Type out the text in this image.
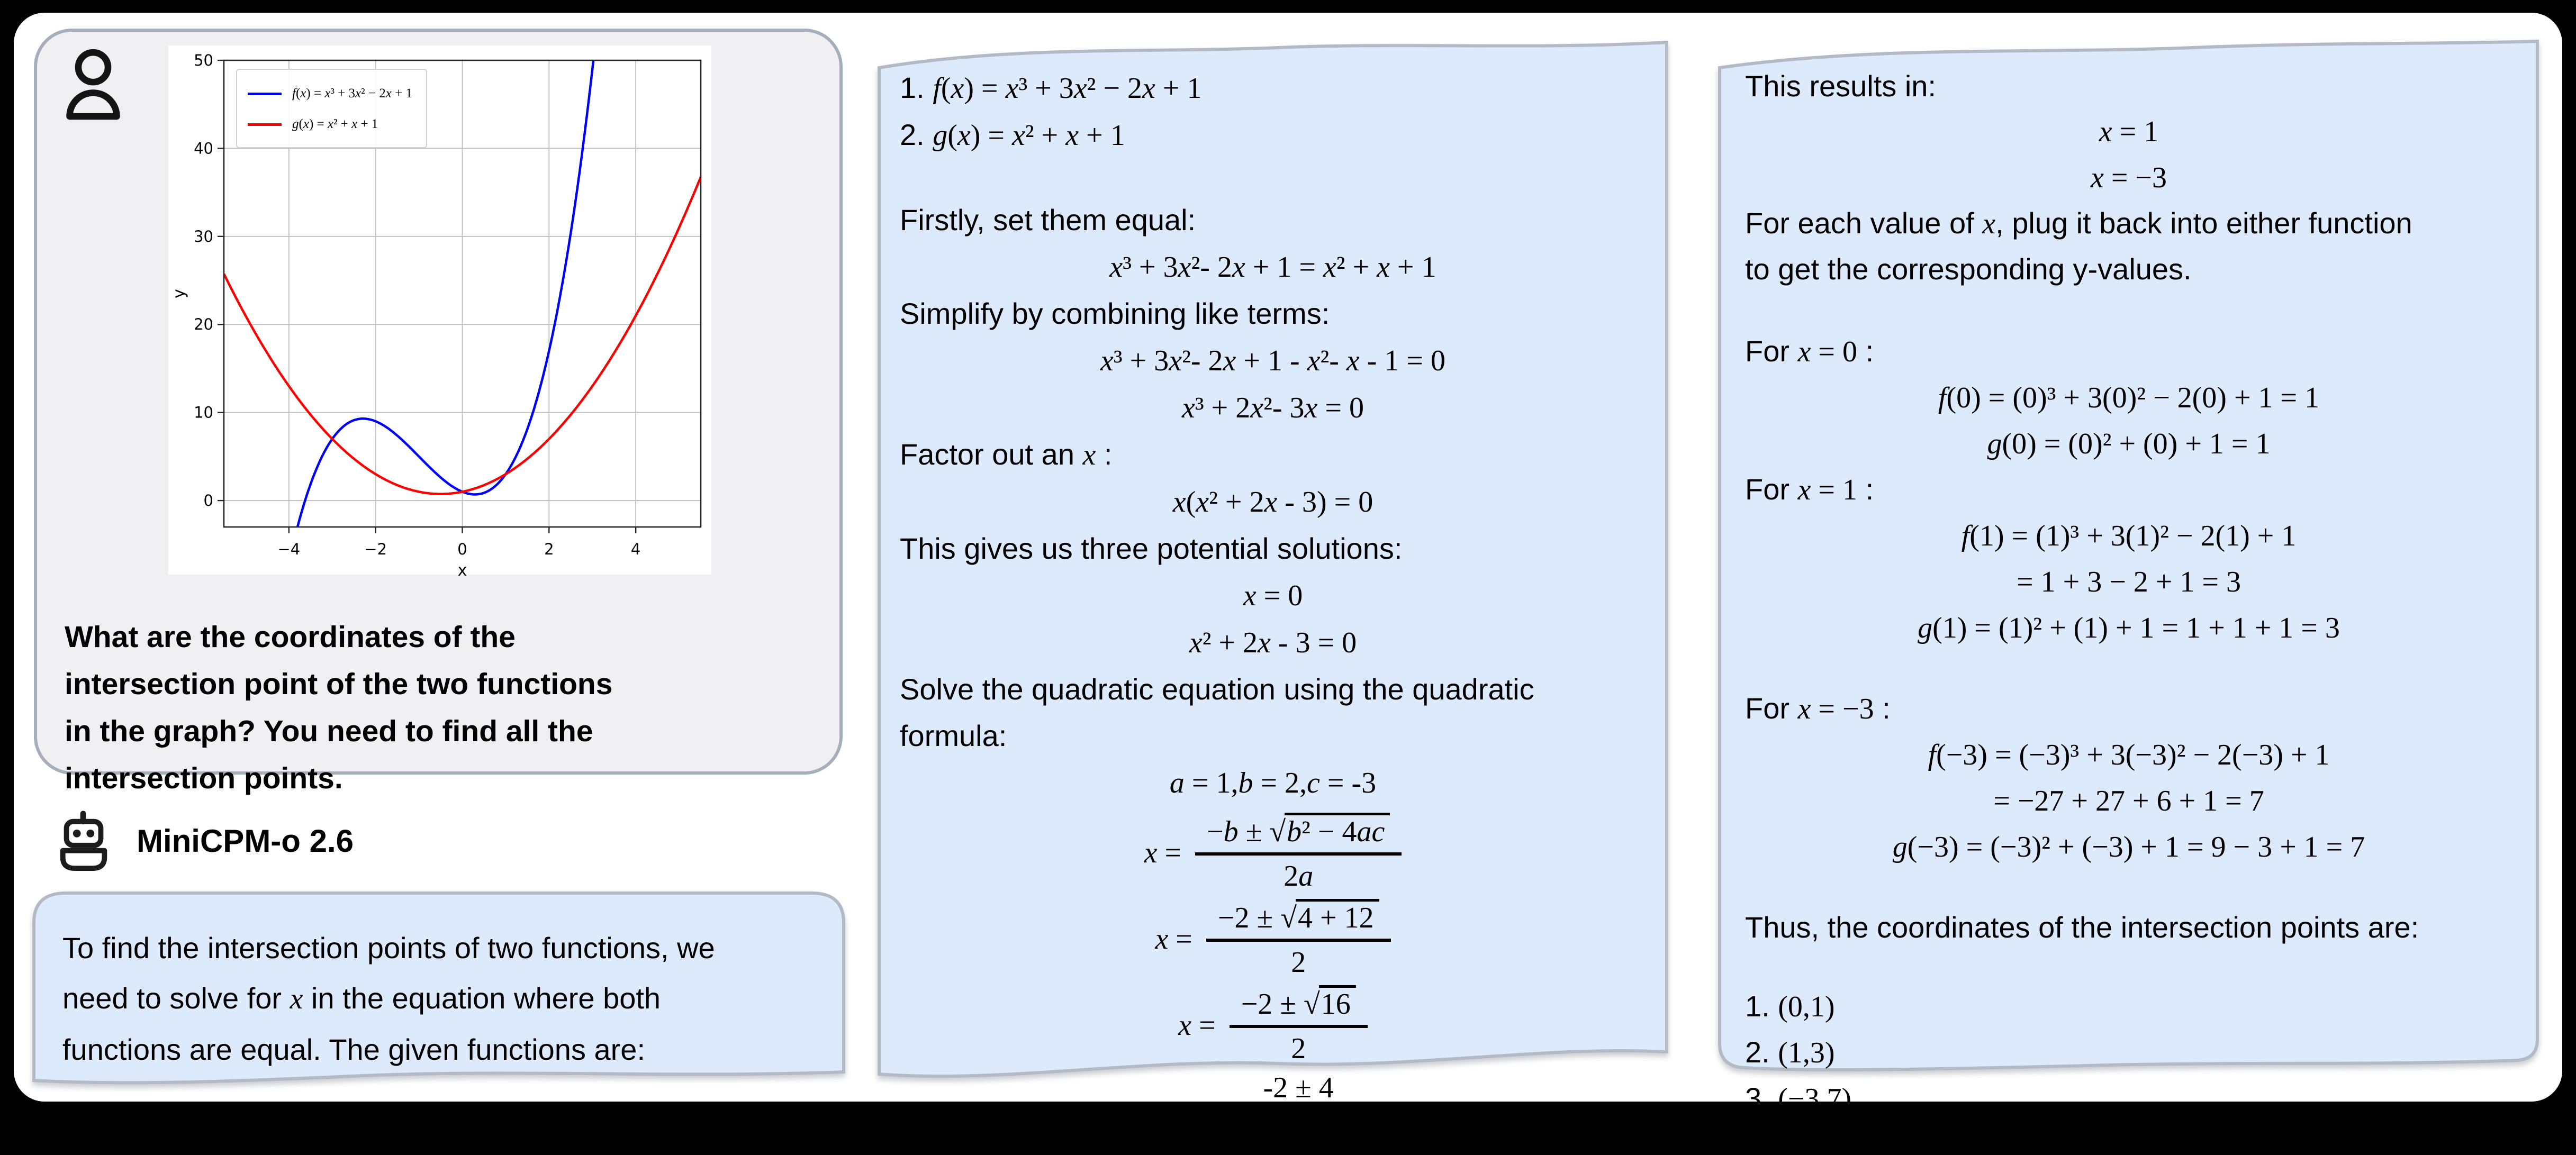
−4	−2	0	2	4
0
10
20
30
40
50
x
y
f(x) = x³ + 3x² − 2x + 1
g(x) = x² + x + 1
What are the coordinates of the
intersection point of the two functions
in the graph? You need to find all the
intersection points.
MiniCPM-o 2.6
To find the intersection points of two functions, we
need to solve for x in the equation where both
functions are equal. The given functions are:
1. f(x) = x³ + 3x² − 2x + 1
2. g(x) = x² + x + 1
Firstly, set them equal:
x³ + 3x²- 2x + 1 = x² + x + 1
Simplify by combining like terms:
x³ + 3x²- 2x + 1 - x²- x - 1 = 0
x³ + 2x²- 3x = 0
Factor out an x :
x(x² + 2x - 3) = 0
This gives us three potential solutions:
x = 0
x² + 2x - 3 = 0
Solve the quadratic equation using the quadratic
formula:
a = 1,b = 2,c = -3
$x = \frac{\text{−b ± √b² − 4ac}}{2a}$
$x = \frac{-2 \pm √4 + 12}{2}$
$x = \frac{-2 \pm √16}{2}$
$x = \frac{-2 \pm 4}{2}$
This results in:
x = 1
x = −3
For each value of x, plug it back into either function
to get the corresponding y-values.
For x = 0 :
f(0) = (0)³ + 3(0)² − 2(0) + 1 = 1
g(0) = (0)² + (0) + 1 = 1
For x = 1 :
f(1) = (1)³ + 3(1)² − 2(1) + 1
= 1 + 3 − 2 + 1 = 3
g(1) = (1)² + (1) + 1 = 1 + 1 + 1 = 3
For x = −3 :
f(−3) = (−3)³ + 3(−3)² − 2(−3) + 1
= −27 + 27 + 6 + 1 = 7
g(−3) = (−3)² + (−3) + 1 = 9 − 3 + 1 = 7
Thus, the coordinates of the intersection points are:
1. (0,1)
2. (1,3)
3. (−3,7)
